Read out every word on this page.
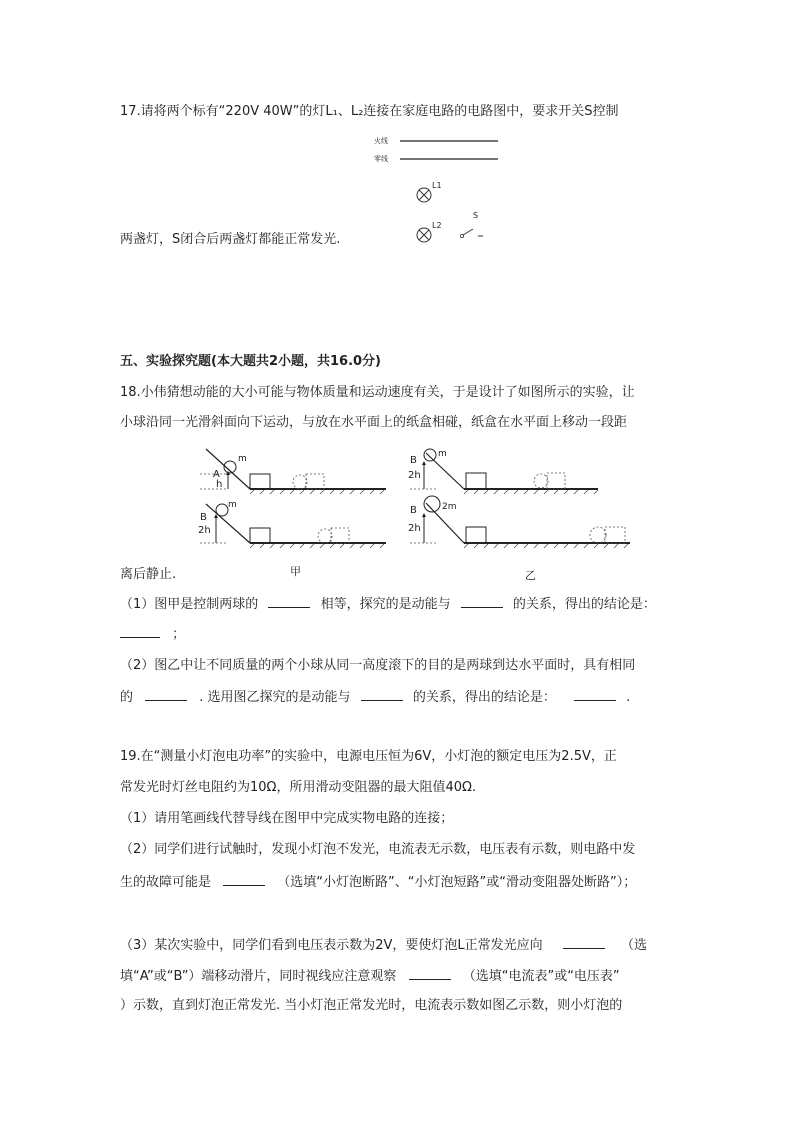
17.请将两个标有“220V 40W”的灯L₁、L₂连接在家庭电路的电路图中，要求开关S控制
火线
零线
L1
L2
S
两盏灯，S闭合后两盏灯都能正常发光.
五、实验探究题(本大题共2小题，共16.0分)
18.小伟猜想动能的大小可能与物体质量和运动速度有关，于是设计了如图所示的实验，让
小球沿同一光滑斜面向下运动，与放在水平面上的纸盒相碰，纸盒在水平面上移动一段距
m
A
h
m
B
2h
甲
m
B
2h
2m
B
2h
乙
离后静止.
（1）图甲是控制两球的	相等，探究的是动能与	的关系，得出的结论是：
；
（2）图乙中让不同质量的两个小球从同一高度滚下的目的是两球到达水平面时，具有相同
的	. 选用图乙探究的是动能与	的关系，得出的结论是：	.
19.在“测量小灯泡电功率”的实验中，电源电压恒为6V，小灯泡的额定电压为2.5V，正
常发光时灯丝电阻约为10Ω，所用滑动变阻器的最大阻值40Ω.
（1）请用笔画线代替导线在图甲中完成实物电路的连接；
（2）同学们进行试触时，发现小灯泡不发光，电流表无示数，电压表有示数，则电路中发
生的故障可能是	（选填“小灯泡断路”、“小灯泡短路”或“滑动变阻器处断路”）；
（3）某次实验中，同学们看到电压表示数为2V，要使灯泡L正常发光应向	（选
填“A”或“B”）端移动滑片，同时视线应注意观察	（选填“电流表”或“电压表”
）示数，直到灯泡正常发光. 当小灯泡正常发光时，电流表示数如图乙示数，则小灯泡的
